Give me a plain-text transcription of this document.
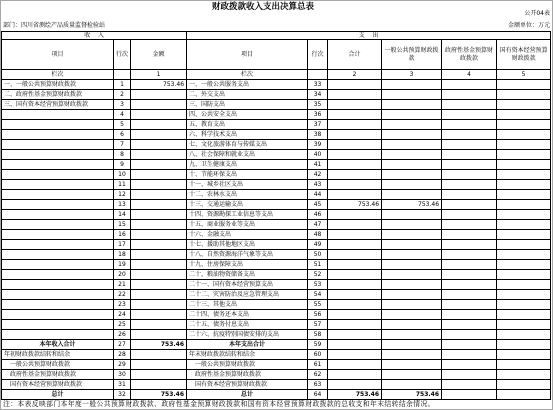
财政拨款收入支出决算总表
公开04表
部门：四川省测绘产品质量监督检验站	金额单位：万元
收    入			支    出					
项目	行次	金额	项目	行次	合计	一般公共预算财政拨款	政府性基金预算财政拨款	国有资本经营预算财政拨款
栏次		1	栏次		2	3	4	5
一、一般公共预算财政拨款	1	753.46	一、一般公共服务支出	33				
二、政府性基金预算财政拨款	2		二、外交支出	34				
三、国有资本经营预算财政拨款	3		三、国防支出	35				
	4		四、公共安全支出	36				
	5		五、教育支出	37				
	6		六、科学技术支出	38				
	7		七、文化旅游体育与传媒支出	39				
	8		八、社会保障和就业支出	40				
	9		九、卫生健康支出	41				
	10		十、节能环保支出	42				
	11		十一、城乡社区支出	43				
	12		十二、农林水支出	44				
	13		十三、交通运输支出	45	753.46	753.46		
	14		十四、资源勘探工业信息等支出	46				
	15		十五、商业服务业等支出	47				
	16		十六、金融支出	48				
	17		十七、援助其他地区支出	49				
	18		十八、自然资源海洋气象等支出	50				
	19		十九、住房保障支出	51				
	20		二十、粮油物资储备支出	52				
	21		二十一、国有资本经营预算支出	53				
	22		二十二、灾害防治及应急管理支出	54				
	23		二十三、其他支出	55				
	24		二十四、债务还本支出	56				
	25		二十五、债务付息支出	57				
	26		二十六、抗疫特别国债安排的支出	58				
本年收入合计	27	753.46	本年支出合计	59				
年初财政拨款结转和结余	28		年末财政拨款结转和结余	60				
一般公共预算财政拨款	29		一般公共预算财政拨款	61				
政府性基金预算财政拨款	30		政府性基金预算财政拨款	62				
国有资本经营预算财政拨款	31		国有资本经营预算财政拨款	63				
总计	32	753.46	总计	64	753.46	753.46		
注：本表反映部门本年度一般公共预算财政拨款、政府性基金预算财政拨款和国有资本经营预算财政拨款的总收支和年末结转结余情况。
